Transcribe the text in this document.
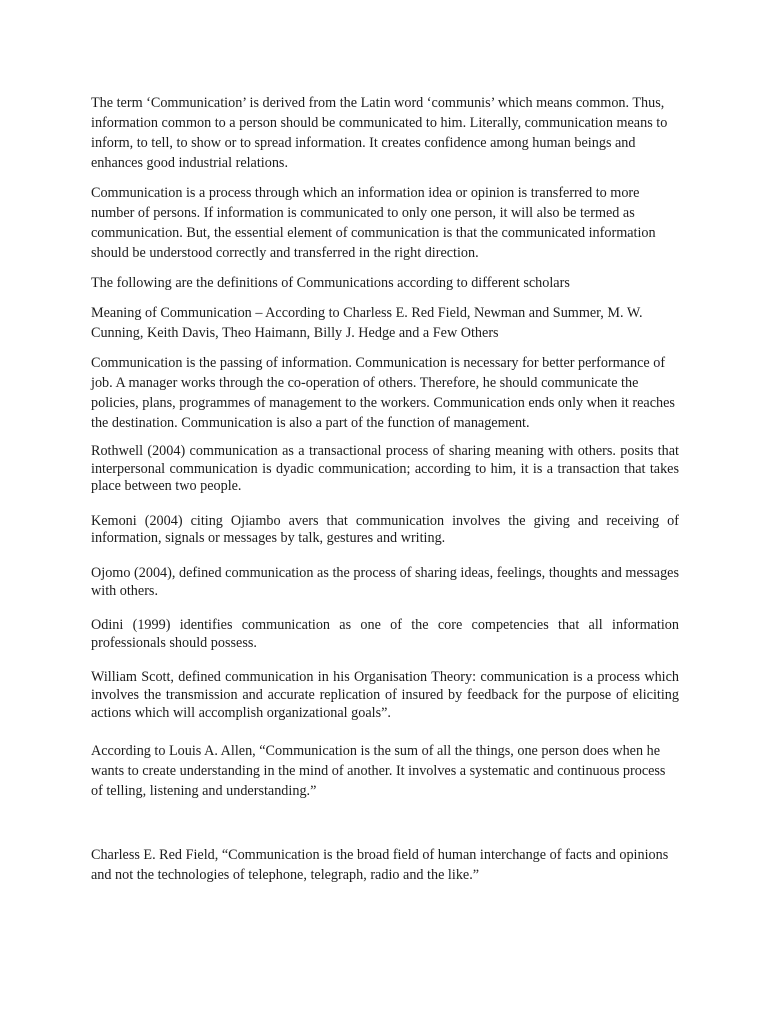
The term ‘Communication’ is derived from the Latin word ‘communis’ which means common. Thus, information common to a person should be communicated to him. Literally, communication means to inform, to tell, to show or to spread information. It creates confidence among human beings and enhances good industrial relations.

Communication is a process through which an information idea or opinion is transferred to more number of persons. If information is communicated to only one person, it will also be termed as communication. But, the essential element of communication is that the communicated information should be understood correctly and transferred in the right direction.

The following are the definitions of Communications according to different scholars

Meaning of Communication – According to Charless E. Red Field, Newman and Summer, M. W. Cunning, Keith Davis, Theo Haimann, Billy J. Hedge and a Few Others

Communication is the passing of information. Communication is necessary for better performance of job. A manager works through the co-operation of others. Therefore, he should communicate the policies, plans, programmes of management to the workers. Communication ends only when it reaches the destination. Communication is also a part of the function of management.

Rothwell (2004) communication as a transactional process of sharing meaning with others. posits that interpersonal communication is dyadic communication; according to him, it is a transaction that takes place between two people.

Kemoni (2004) citing Ojiambo avers that communication involves the giving and receiving of information, signals or messages by talk, gestures and writing.

Ojomo (2004), defined communication as the process of sharing ideas, feelings, thoughts and messages with others.

Odini (1999) identifies communication as one of the core competencies that all information professionals should possess.

William Scott, defined communication in his Organisation Theory: communication is a process which involves the transmission and accurate replication of insured by feedback for the purpose of eliciting actions which will accomplish organizational goals”.

According to Louis A. Allen, “Communication is the sum of all the things, one person does when he wants to create understanding in the mind of another. It involves a systematic and continuous process of telling, listening and understanding.”

Charless E. Red Field, “Communication is the broad field of human interchange of facts and opinions and not the technologies of telephone, telegraph, radio and the like.”
